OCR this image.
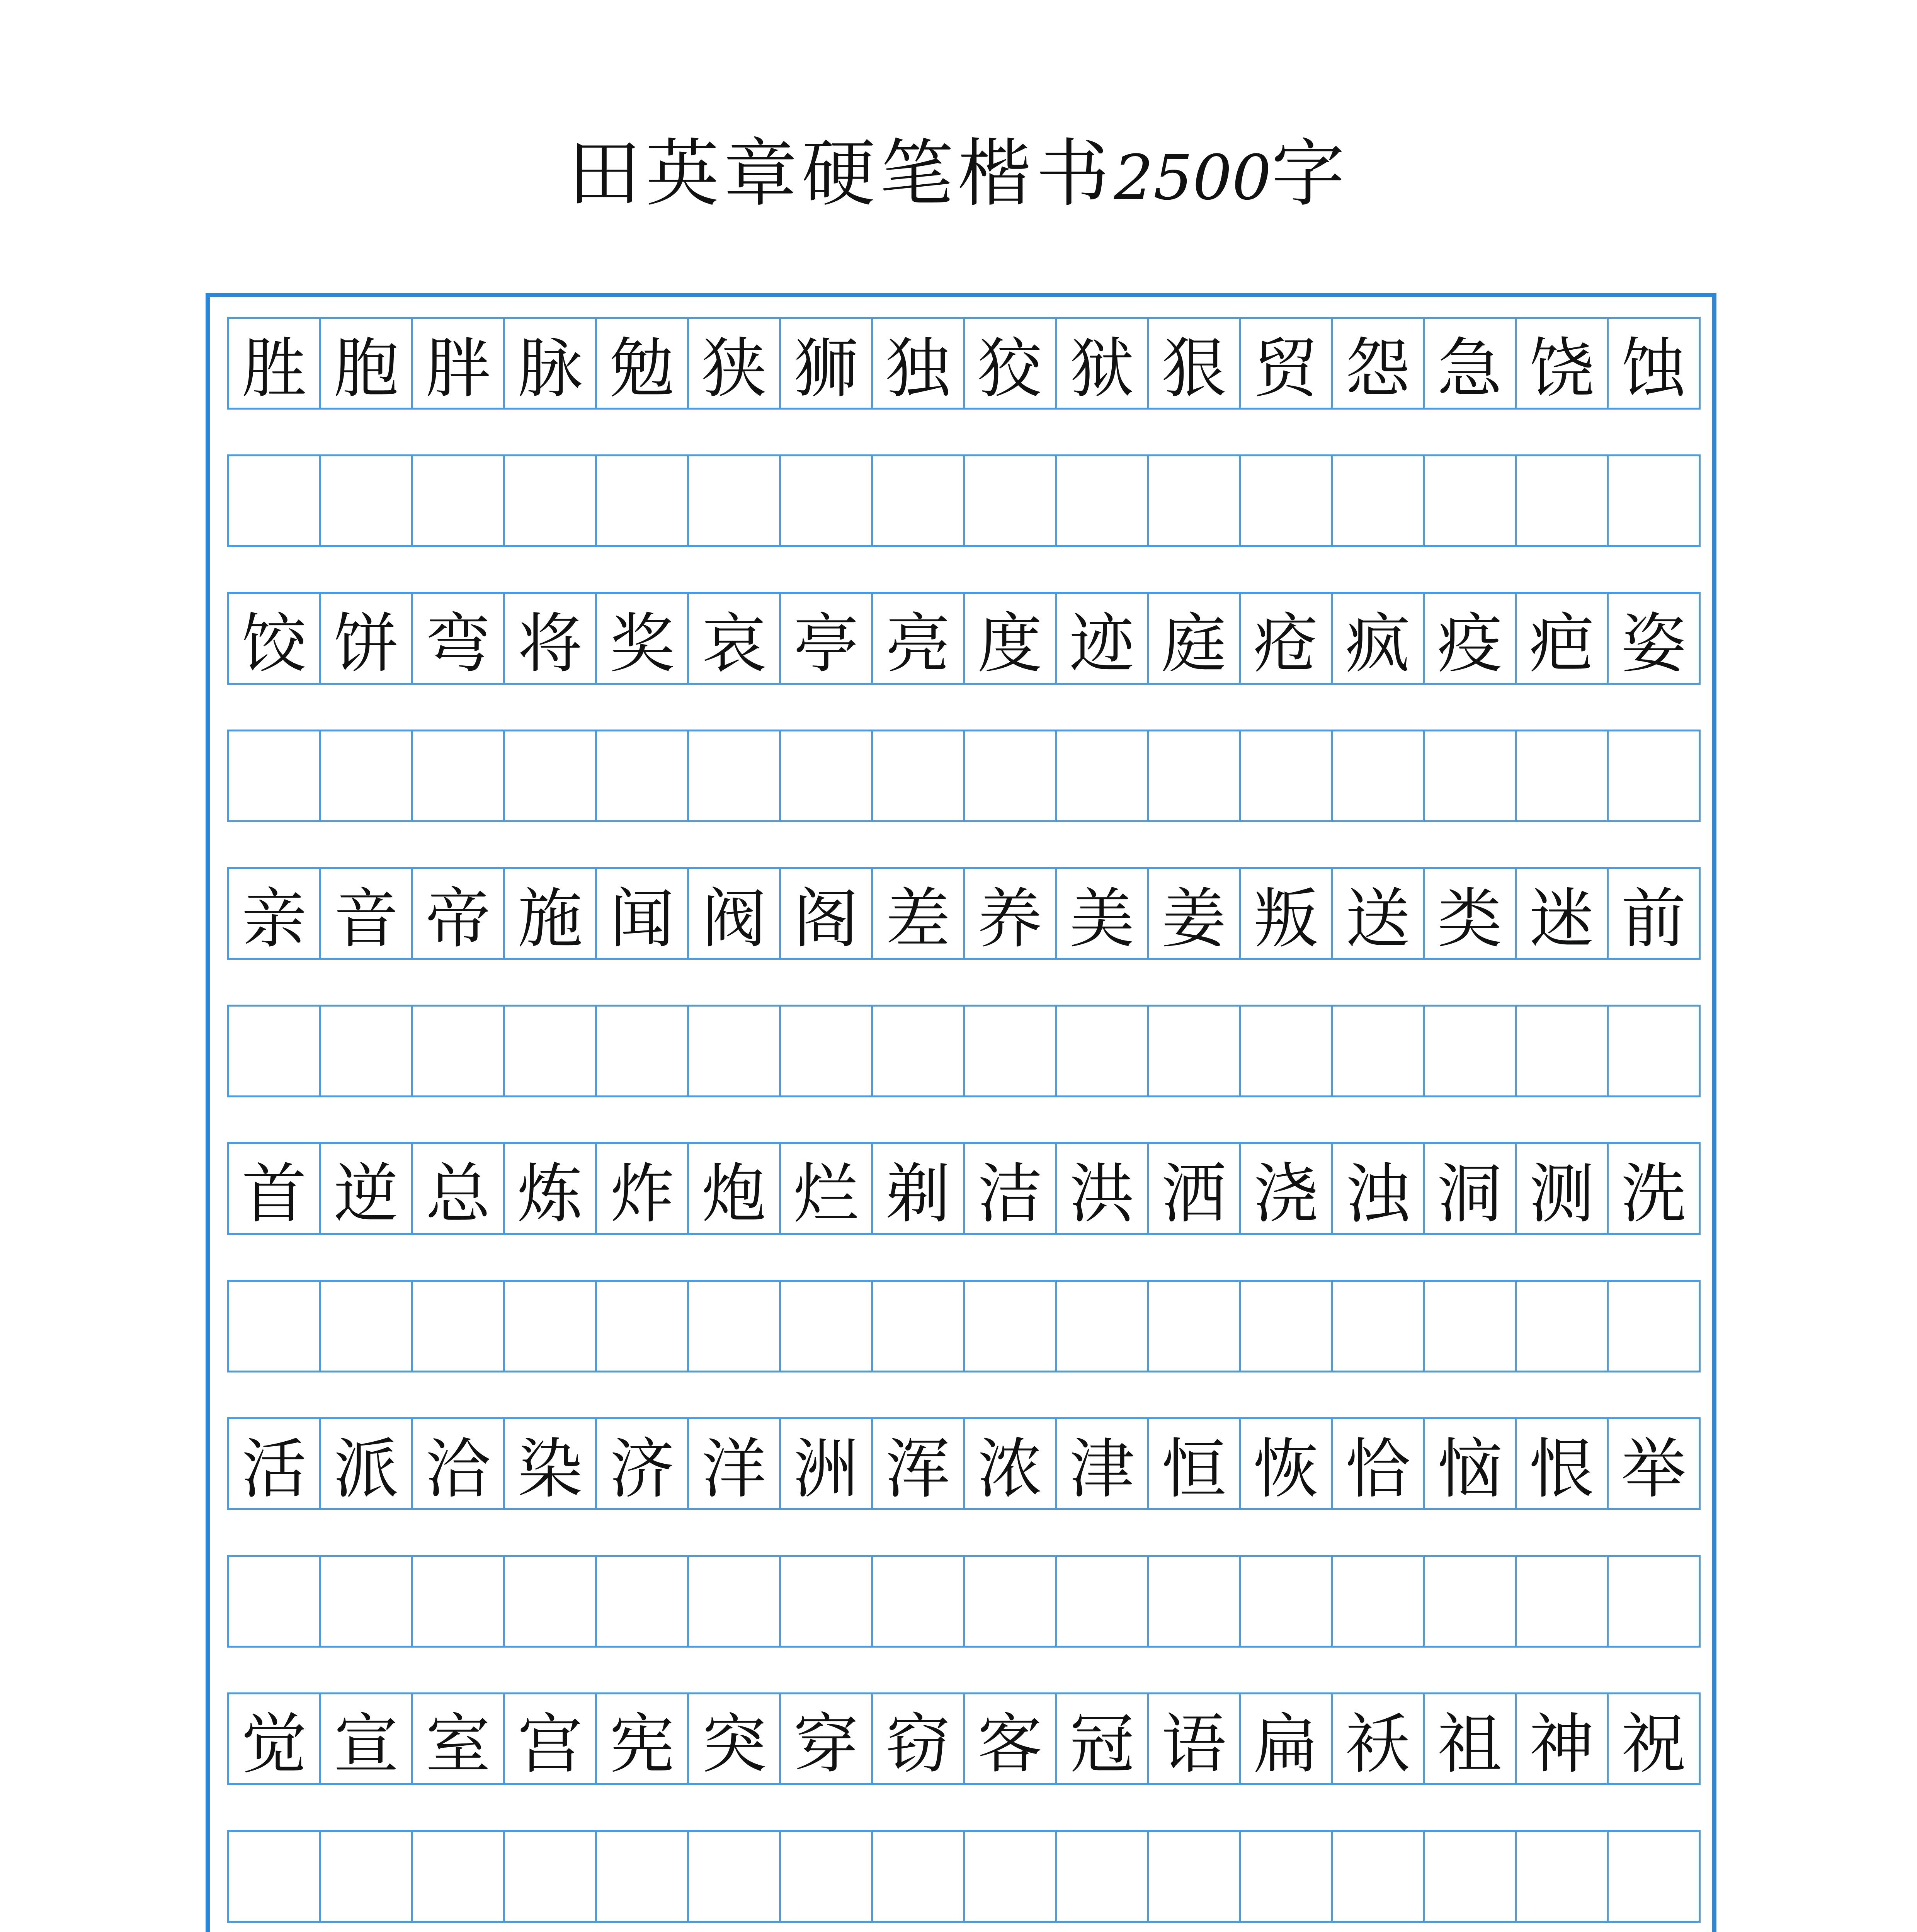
田英章硬笔楷书2500字
胜 胞 胖 脉 勉 狭 狮 独 狡 狱 狠 贸 怨 急 饶 蚀
饺 饼 弯 将 奖 哀 亭 亮 度 迹 庭 疮 疯 疫 疤 姿
亲 音 帝 施 闻 阀 阁 差 养 美 姜 叛 送 类 迷 前
首 逆 总 炼 炸 炮 烂 剃 洁 洪 洒 浇 浊 洞 测 洗
活 派 洽 染 济 洋 洲 浑 浓 津 恒 恢 恰 恼 恨 举
觉 宣 室 宫 宪 突 穿 窃 客 冠 语 扁 袄 祖 神 祝
